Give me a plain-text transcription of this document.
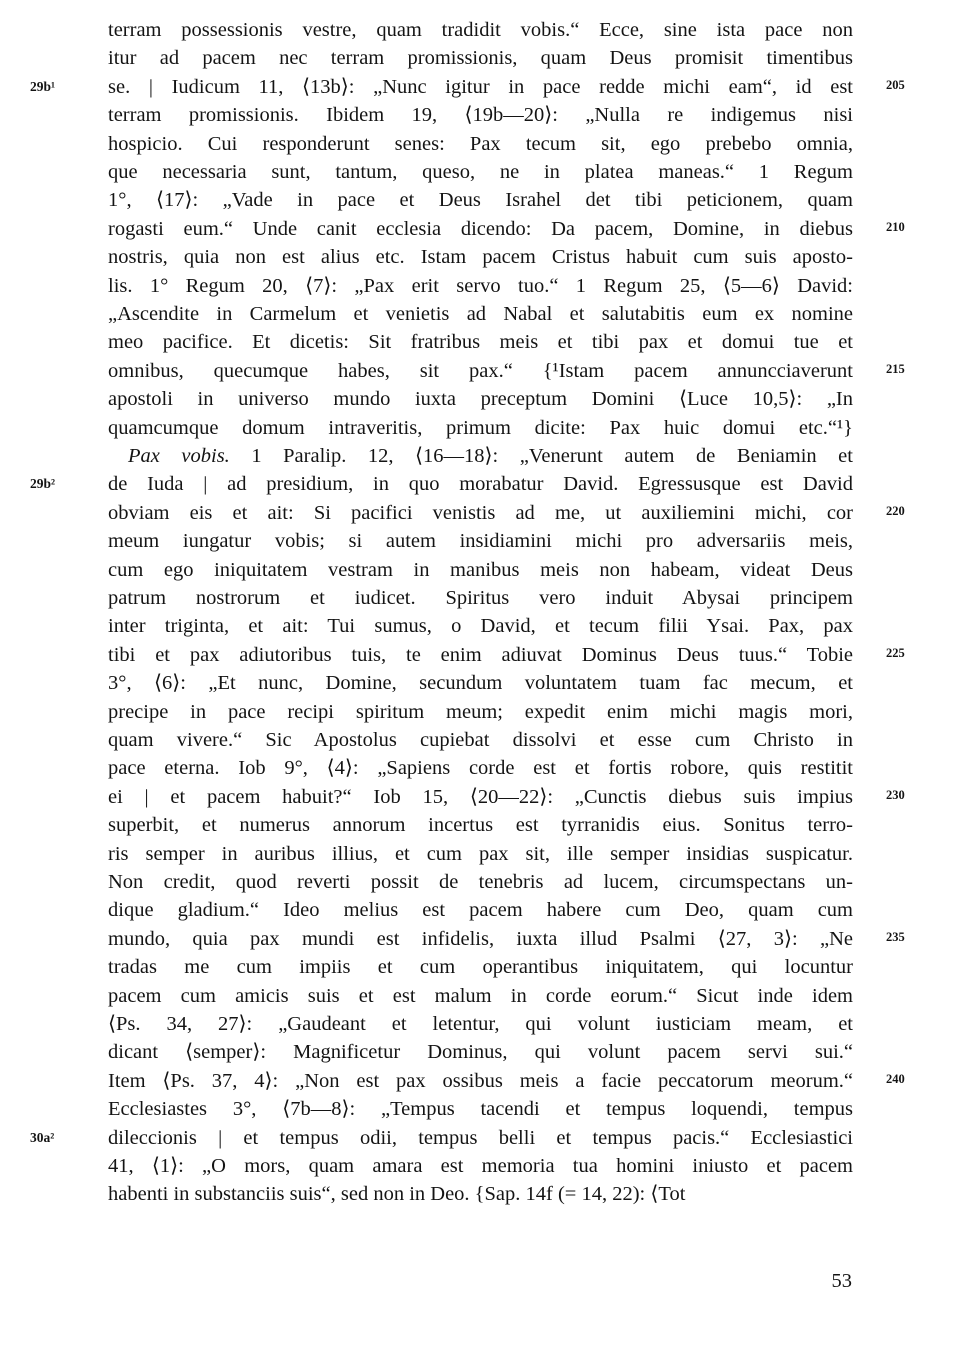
terram possessionis vestre, quam tradidit vobis.“ Ecce, sine ista pace non
itur ad pacem nec terram promissionis, quam Deus promisit timentibus
se. | Iudicum 11, ⟨13b⟩: „Nunc igitur in pace redde michi eam“, id est
terram promissionis. Ibidem 19, ⟨19b—20⟩: „Nulla re indigemus nisi
hospicio. Cui responderunt senes: Pax tecum sit, ego prebebo omnia,
que necessaria sunt, tantum, queso, ne in platea maneas.“ 1 Regum
1°, ⟨17⟩: „Vade in pace et Deus Israhel det tibi peticionem, quam
rogasti eum.“ Unde canit ecclesia dicendo: Da pacem, Domine, in diebus
nostris, quia non est alius etc. Istam pacem Cristus habuit cum suis aposto-
lis. 1° Regum 20, ⟨7⟩: „Pax erit servo tuo.“ 1 Regum 25, ⟨5—6⟩ David:
„Ascendite in Carmelum et venietis ad Nabal et salutabitis eum ex nomine
meo pacifice. Et dicetis: Sit fratribus meis et tibi pax et domui tue et
omnibus, quecumque habes, sit pax.“ {¹Istam pacem annuncciaverunt
apostoli in universo mundo iuxta preceptum Domini ⟨Luce 10,5⟩: „In
quamcumque domum intraveritis, primum dicite: Pax huic domui etc.“¹}
Pax vobis. 1 Paralip. 12, ⟨16—18⟩: „Venerunt autem de Beniamin et
de Iuda | ad presidium, in quo morabatur David. Egressusque est David
obviam eis et ait: Si pacifici venistis ad me, ut auxiliemini michi, cor
meum iungatur vobis; si autem insidiamini michi pro adversariis meis,
cum ego iniquitatem vestram in manibus meis non habeam, videat Deus
patrum nostrorum et iudicet. Spiritus vero induit Abysai principem
inter triginta, et ait: Tui sumus, o David, et tecum filii Ysai. Pax, pax
tibi et pax adiutoribus tuis, te enim adiuvat Dominus Deus tuus.“ Tobie
3°, ⟨6⟩: „Et nunc, Domine, secundum voluntatem tuam fac mecum, et
precipe in pace recipi spiritum meum; expedit enim michi magis mori,
quam vivere.“ Sic Apostolus cupiebat dissolvi et esse cum Christo in
pace eterna. Iob 9°, ⟨4⟩: „Sapiens corde est et fortis robore, quis restitit
ei | et pacem habuit?“ Iob 15, ⟨20—22⟩: „Cunctis diebus suis impius
superbit, et numerus annorum incertus est tyrranidis eius. Sonitus terro-
ris semper in auribus illius, et cum pax sit, ille semper insidias suspicatur.
Non credit, quod reverti possit de tenebris ad lucem, circumspectans un-
dique gladium.“ Ideo melius est pacem habere cum Deo, quam cum
mundo, quia pax mundi est infidelis, iuxta illud Psalmi ⟨27, 3⟩: „Ne
tradas me cum impiis et cum operantibus iniquitatem, qui locuntur
pacem cum amicis suis et est malum in corde eorum.“ Sicut inde idem
⟨Ps. 34, 27⟩: „Gaudeant et letentur, qui volunt iusticiam meam, et
dicant ⟨semper⟩: Magnificetur Dominus, qui volunt pacem servi sui.“
Item ⟨Ps. 37, 4⟩: „Non est pax ossibus meis a facie peccatorum meorum.“
Ecclesiastes 3°, ⟨7b—8⟩: „Tempus tacendi et tempus loquendi, tempus
dileccionis | et tempus odii, tempus belli et tempus pacis.“ Ecclesiastici
41, ⟨1⟩: „O mors, quam amara est memoria tua homini iniusto et pacem
habenti in substanciis suis“, sed non in Deo. {Sap. 14f (= 14, 22): ⟨Tot
29b¹
29b²
30a²
205
210
215
220
225
230
235
240
53
